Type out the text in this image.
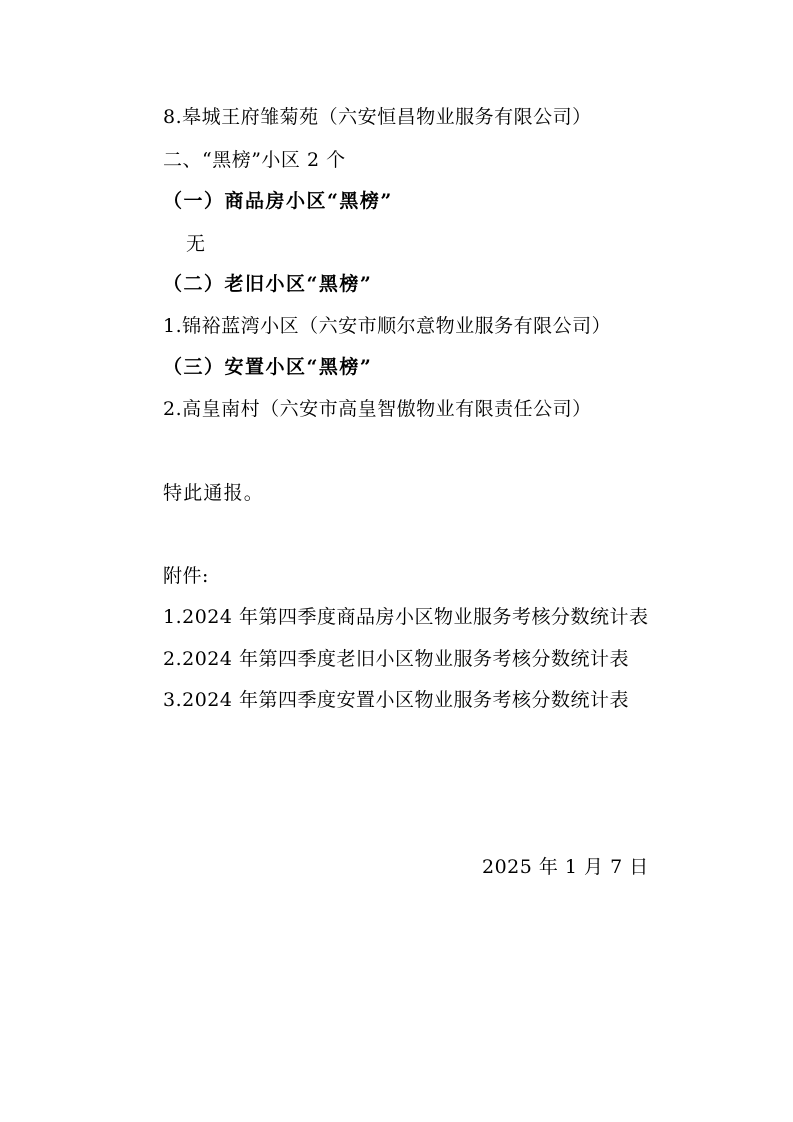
8.皋城王府雏菊苑（六安恒昌物业服务有限公司）
二、“黑榜”小区 2 个
（一）商品房小区“黑榜”
无
（二）老旧小区“黑榜”
1.锦裕蓝湾小区（六安市顺尔意物业服务有限公司）
（三）安置小区“黑榜”
2.高皇南村（六安市高皇智傲物业有限责任公司）
特此通报。
附件:
1.2024 年第四季度商品房小区物业服务考核分数统计表
2.2024 年第四季度老旧小区物业服务考核分数统计表
3.2024 年第四季度安置小区物业服务考核分数统计表
2025 年 1 月 7 日
